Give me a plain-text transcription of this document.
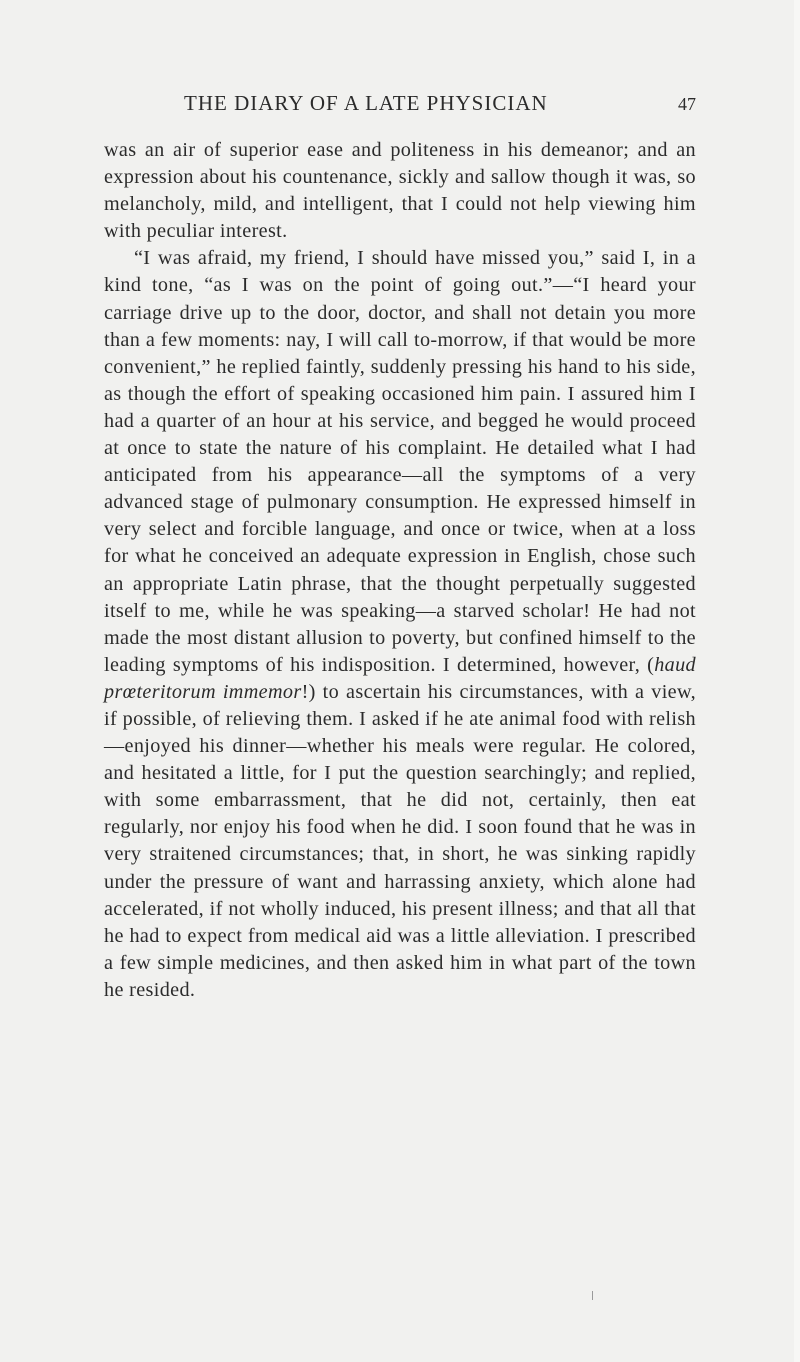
THE DIARY OF A LATE PHYSICIAN	47

was an air of superior ease and politeness in his demeanor; and an expression about his countenance, sickly and sallow though it was, so melancholy, mild, and intelligent, that I could not help viewing him with peculiar interest.

“I was afraid, my friend, I should have missed you,” said I, in a kind tone, “as I was on the point of going out.”—“I heard your carriage drive up to the door, doctor, and shall not detain you more than a few moments: nay, I will call to-morrow, if that would be more convenient,” he replied faintly, suddenly pressing his hand to his side, as though the effort of speaking occasioned him pain. I assured him I had a quarter of an hour at his service, and begged he would proceed at once to state the nature of his complaint. He detailed what I had anticipated from his appearance—all the symptoms of a very advanced stage of pulmonary consumption. He expressed himself in very select and forcible language, and once or twice, when at a loss for what he conceived an adequate expression in English, chose such an appropriate Latin phrase, that the thought perpetually suggested itself to me, while he was speaking—a starved scholar! He had not made the most distant allusion to poverty, but confined himself to the leading symptoms of his indisposition. I determined, however, (haud prœteritorum immemor!) to ascertain his circumstances, with a view, if possible, of relieving them. I asked if he ate animal food with relish—enjoyed his dinner—whether his meals were regular. He colored, and hesitated a little, for I put the question searchingly; and replied, with some embarrassment, that he did not, certainly, then eat regularly, nor enjoy his food when he did. I soon found that he was in very straitened circumstances; that, in short, he was sinking rapidly under the pressure of want and harrassing anxiety, which alone had accelerated, if not wholly induced, his present illness; and that all that he had to expect from medical aid was a little alleviation. I prescribed a few simple medicines, and then asked him in what part of the town he resided.
